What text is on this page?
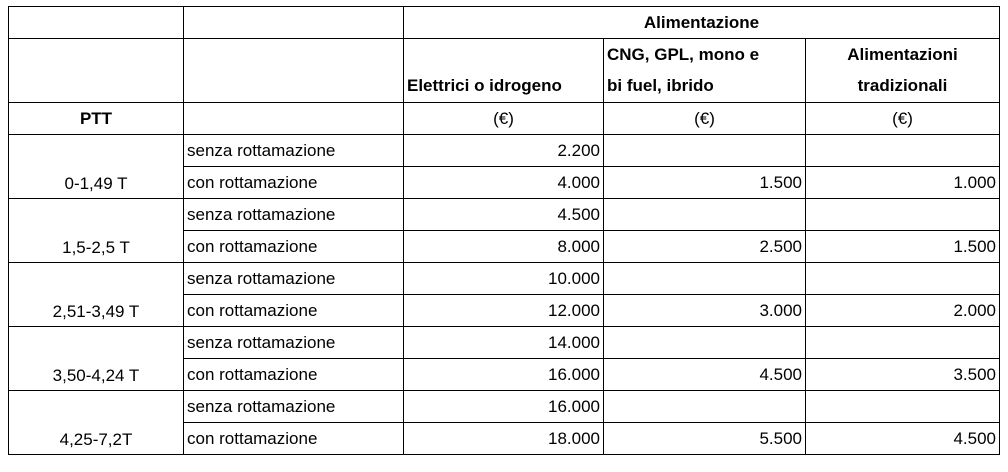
		Alimentazione		
			CNG, GPL, mono e	Alimentazioni
		Elettrici o idrogeno	bi fuel, ibrido	tradizionali
PTT		(€)	(€)	(€)
0-1,49 T	senza rottamazione	2.200		
	con rottamazione	4.000	1.500	1.000
1,5-2,5 T	senza rottamazione	4.500		
	con rottamazione	8.000	2.500	1.500
2,51-3,49 T	senza rottamazione	10.000		
	con rottamazione	12.000	3.000	2.000
3,50-4,24 T	senza rottamazione	14.000		
	con rottamazione	16.000	4.500	3.500
4,25-7,2T	senza rottamazione	16.000		
	con rottamazione	18.000	5.500	4.500
